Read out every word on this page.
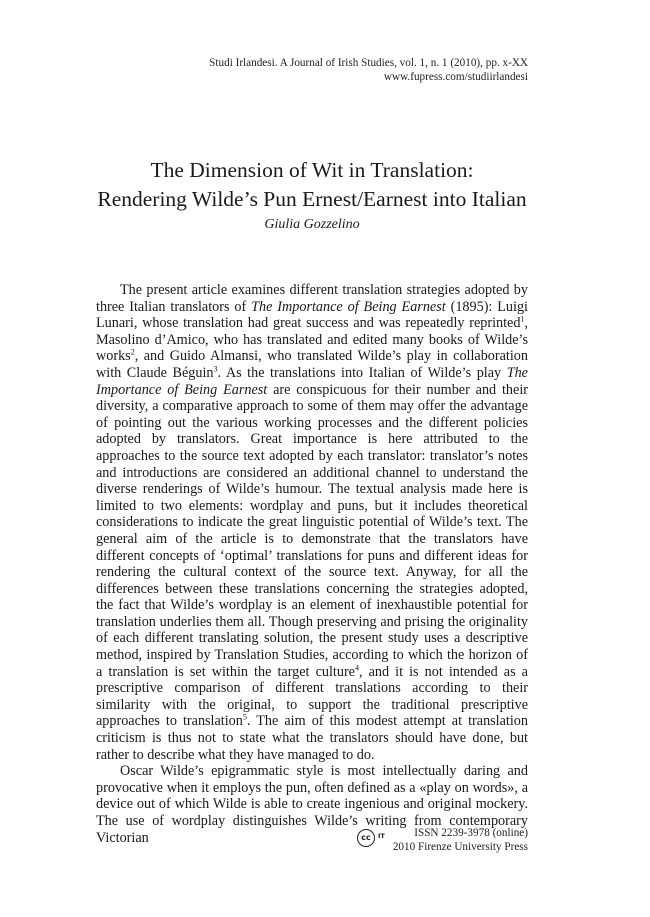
Studi Irlandesi. A Journal of Irish Studies, vol. 1, n. 1 (2010), pp. x-XX
www.fupress.com/studiirlandesi
The Dimension of Wit in Translation:
Rendering Wilde’s Pun Ernest/Earnest into Italian
Giulia Gozzelino

The present article examines different translation strategies adopted by three Italian translators of The Importance of Being Earnest (1895): Luigi Lunari, whose translation had great success and was repeatedly reprinted$^1$, Masolino d’Amico, who has translated and edited many books of Wilde’s works$^2$, and Guido Almansi, who translated Wilde’s play in collaboration with Claude Béguin$^3$. As the translations into Italian of Wilde’s play The Importance of Being Earnest are conspicuous for their number and their diversity, a comparative approach to some of them may offer the advantage of pointing out the various working processes and the different policies adopted by translators. Great importance is here attributed to the approaches to the source text adopted by each translator: translator’s notes and introductions are considered an additional channel to understand the diverse renderings of Wilde’s humour. The textual analysis made here is limited to two elements: wordplay and puns, but it includes theoretical considerations to indicate the great linguistic potential of Wilde’s text. The general aim of the article is to demonstrate that the translators have different concepts of ‘optimal’ translations for puns and different ideas for rendering the cultural context of the source text. Anyway, for all the differences between these translations concerning the strategies adopted, the fact that Wilde’s wordplay is an element of inexhaustible potential for translation underlies them all. Though preserving and prising the originality of each different translating solution, the present study uses a descriptive method, inspired by Translation Studies, according to which the horizon of a translation is set within the target culture$^4$, and it is not intended as a prescriptive comparison of different translations according to their similarity with the original, to support the traditional prescriptive approaches to translation$^5$. The aim of this modest attempt at translation criticism is thus not to state what the translators should have done, but rather to describe what they have managed to do.

Oscar Wilde’s epigrammatic style is most intellectually daring and provocative when it employs the pun, often defined as a «play on words», a device out of which Wilde is able to create ingenious and original mockery. The use of wordplay distinguishes Wilde’s writing from contemporary Victorian	cc	IT	ISSN 2239-3978 (online)
2010 Firenze University Press
